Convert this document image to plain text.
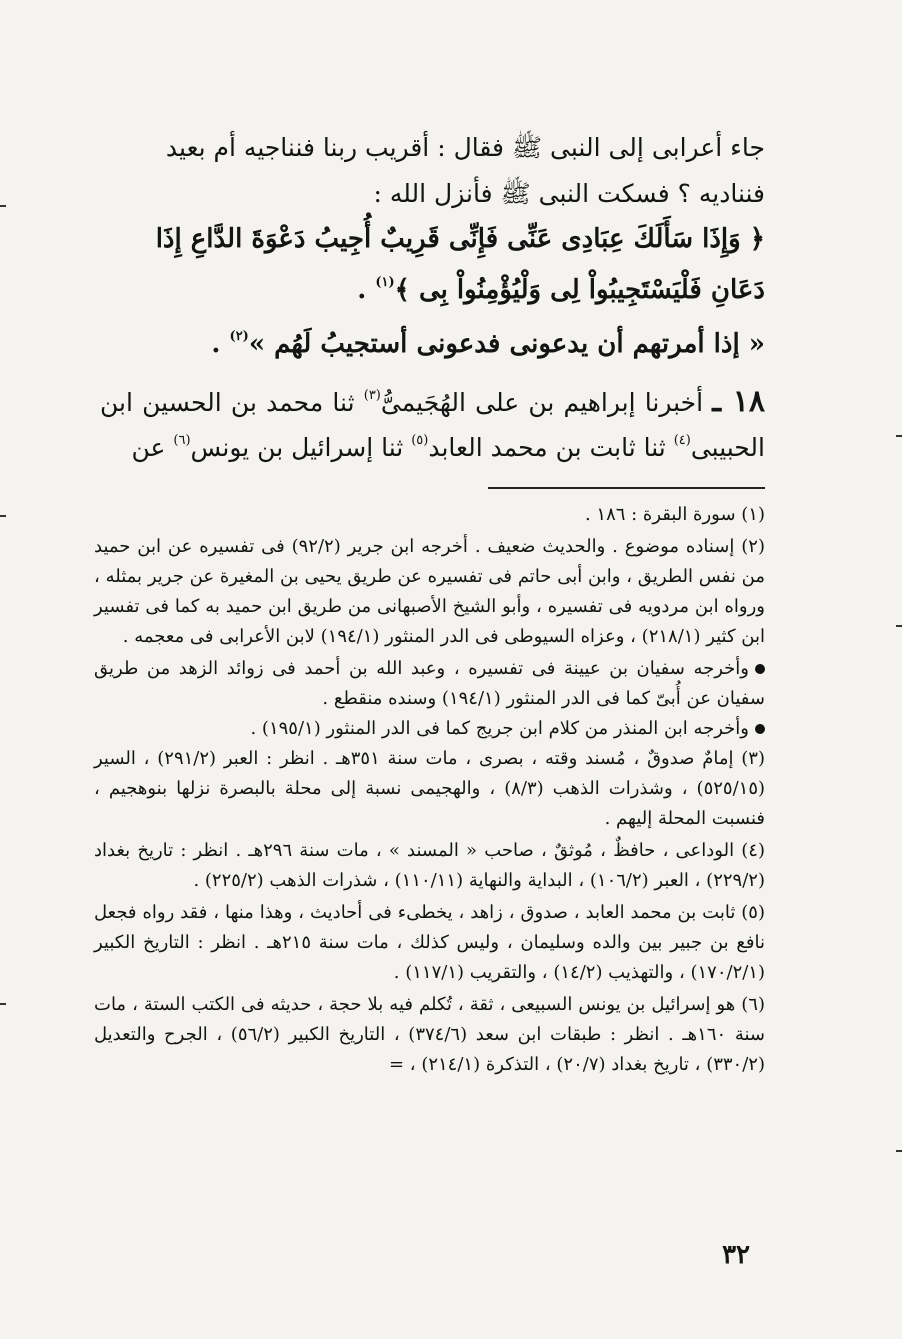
جاء أعرابى إلى النبى ﷺ فقال : أقريب ربنا فنناجيه أم بعيد
فنناديه ؟ فسكت النبى ﷺ فأنزل الله :
﴿ وَإِذَا سَأَلَكَ عِبَادِى عَنِّى فَإِنِّى قَرِيبٌ أُجِيبُ دَعْوَةَ الدَّاعِ إِذَا
دَعَانِ فَلْيَسْتَجِيبُواْ لِى وَلْيُؤْمِنُواْ بِى ﴾$^{(١)}$ .
« إذا أمرتهم أن يدعونى فدعونى أستجيبُ لَهُم »$^{(٢)}$ .
١٨ ـ أخبرنا إبراهيم بن على الهُجَيمىُّ$^{(٣)}$ ثنا محمد بن الحسين ابن الحبيبى$^{(٤)}$ ثنا ثابت بن محمد العابد$^{(٥)}$ ثنا إسرائيل بن يونس$^{(٦)}$ عن

(١) سورة البقرة : ١٨٦ .

(٢) إسناده موضوع . والحديث ضعيف . أخرجه ابن جرير (٩٢/٢) فى تفسيره عن ابن حميد من نفس الطريق ، وابن أبى حاتم فى تفسيره عن طريق يحيى بن المغيرة عن جرير بمثله ، ورواه ابن مردويه فى تفسيره ، وأبو الشيخ الأصبهانى من طريق ابن حميد به كما فى تفسير ابن كثير (٢١٨/١) ، وعزاه السيوطى فى الدر المنثور (١٩٤/١) لابن الأعرابى فى معجمه .

وأخرجه سفيان بن عيينة فى تفسيره ، وعبد الله بن أحمد فى زوائد الزهد من طريق سفيان عن أُبىّ كما فى الدر المنثور (١٩٤/١) وسنده منقطع .

وأخرجه ابن المنذر من كلام ابن جريج كما فى الدر المنثور (١٩٥/١) .

(٣) إمامٌ صدوقٌ ، مُسند وقته ، بصرى ، مات سنة ٣٥١هـ . انظر : العبر (٢٩١/٢) ، السير (٥٢٥/١٥) ، وشذرات الذهب (٨/٣) ، والهجيمى نسبة إلى محلة بالبصرة نزلها بنوهجيم ، فنسبت المحلة إليهم .

(٤) الوداعى ، حافظٌ ، مُوثقٌ ، صاحب « المسند » ، مات سنة ٢٩٦هـ . انظر : تاريخ بغداد (٢٢٩/٢) ، العبر (١٠٦/٢) ، البداية والنهاية (١١٠/١١) ، شذرات الذهب (٢٢٥/٢) .

(٥) ثابت بن محمد العابد ، صدوق ، زاهد ، يخطىء فى أحاديث ، وهذا منها ، فقد رواه فجعل نافع بن جبير بين والده وسليمان ، وليس كذلك ، مات سنة ٢١٥هـ . انظر : التاريخ الكبير (١٧٠/٢/١) ، والتهذيب (١٤/٢) ، والتقريب (١١٧/١) .

(٦) هو إسرائيل بن يونس السبيعى ، ثقة ، تُكلم فيه بلا حجة ، حديثه فى الكتب الستة ، مات سنة ١٦٠هـ . انظر : طبقات ابن سعد (٣٧٤/٦) ، التاريخ الكبير (٥٦/٢) ، الجرح والتعديل (٣٣٠/٢) ، تاريخ بغداد (٢٠/٧) ، التذكرة (٢١٤/١) ، =

٣٢
